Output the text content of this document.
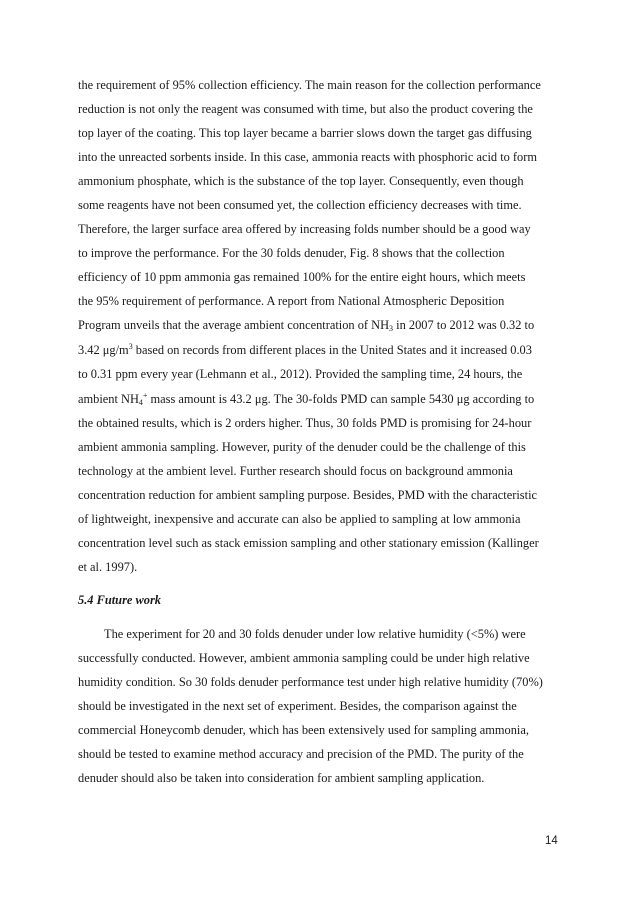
the requirement of 95% collection efficiency. The main reason for the collection performance
reduction is not only the reagent was consumed with time, but also the product covering the
top layer of the coating. This top layer became a barrier slows down the target gas diffusing
into the unreacted sorbents inside. In this case, ammonia reacts with phosphoric acid to form
ammonium phosphate, which is the substance of the top layer. Consequently, even though
some reagents have not been consumed yet, the collection efficiency decreases with time.
Therefore, the larger surface area offered by increasing folds number should be a good way
to improve the performance. For the 30 folds denuder, Fig. 8 shows that the collection
efficiency of 10 ppm ammonia gas remained 100% for the entire eight hours, which meets
the 95% requirement of performance. A report from National Atmospheric Deposition
Program unveils that the average ambient concentration of $NH_3$ in 2007 to 2012 was 0.32 to
3.42 $\mu g/m^3$ based on records from different places in the United States and it increased 0.03
to 0.31 ppm every year (Lehmann et al., 2012). Provided the sampling time, 24 hours, the
ambient $NH_4^+$ mass amount is 43.2 μg. The 30-folds PMD can sample 5430 μg according to
the obtained results, which is 2 orders higher. Thus, 30 folds PMD is promising for 24-hour
ambient ammonia sampling. However, purity of the denuder could be the challenge of this
technology at the ambient level. Further research should focus on background ammonia
concentration reduction for ambient sampling purpose. Besides, PMD with the characteristic
of lightweight, inexpensive and accurate can also be applied to sampling at low ammonia
concentration level such as stack emission sampling and other stationary emission (Kallinger
et al. 1997).
5.4 Future work
The experiment for 20 and 30 folds denuder under low relative humidity (<5%) were
successfully conducted. However, ambient ammonia sampling could be under high relative
humidity condition. So 30 folds denuder performance test under high relative humidity (70%)
should be investigated in the next set of experiment. Besides, the comparison against the
commercial Honeycomb denuder, which has been extensively used for sampling ammonia,
should be tested to examine method accuracy and precision of the PMD. The purity of the
denuder should also be taken into consideration for ambient sampling application.
14
